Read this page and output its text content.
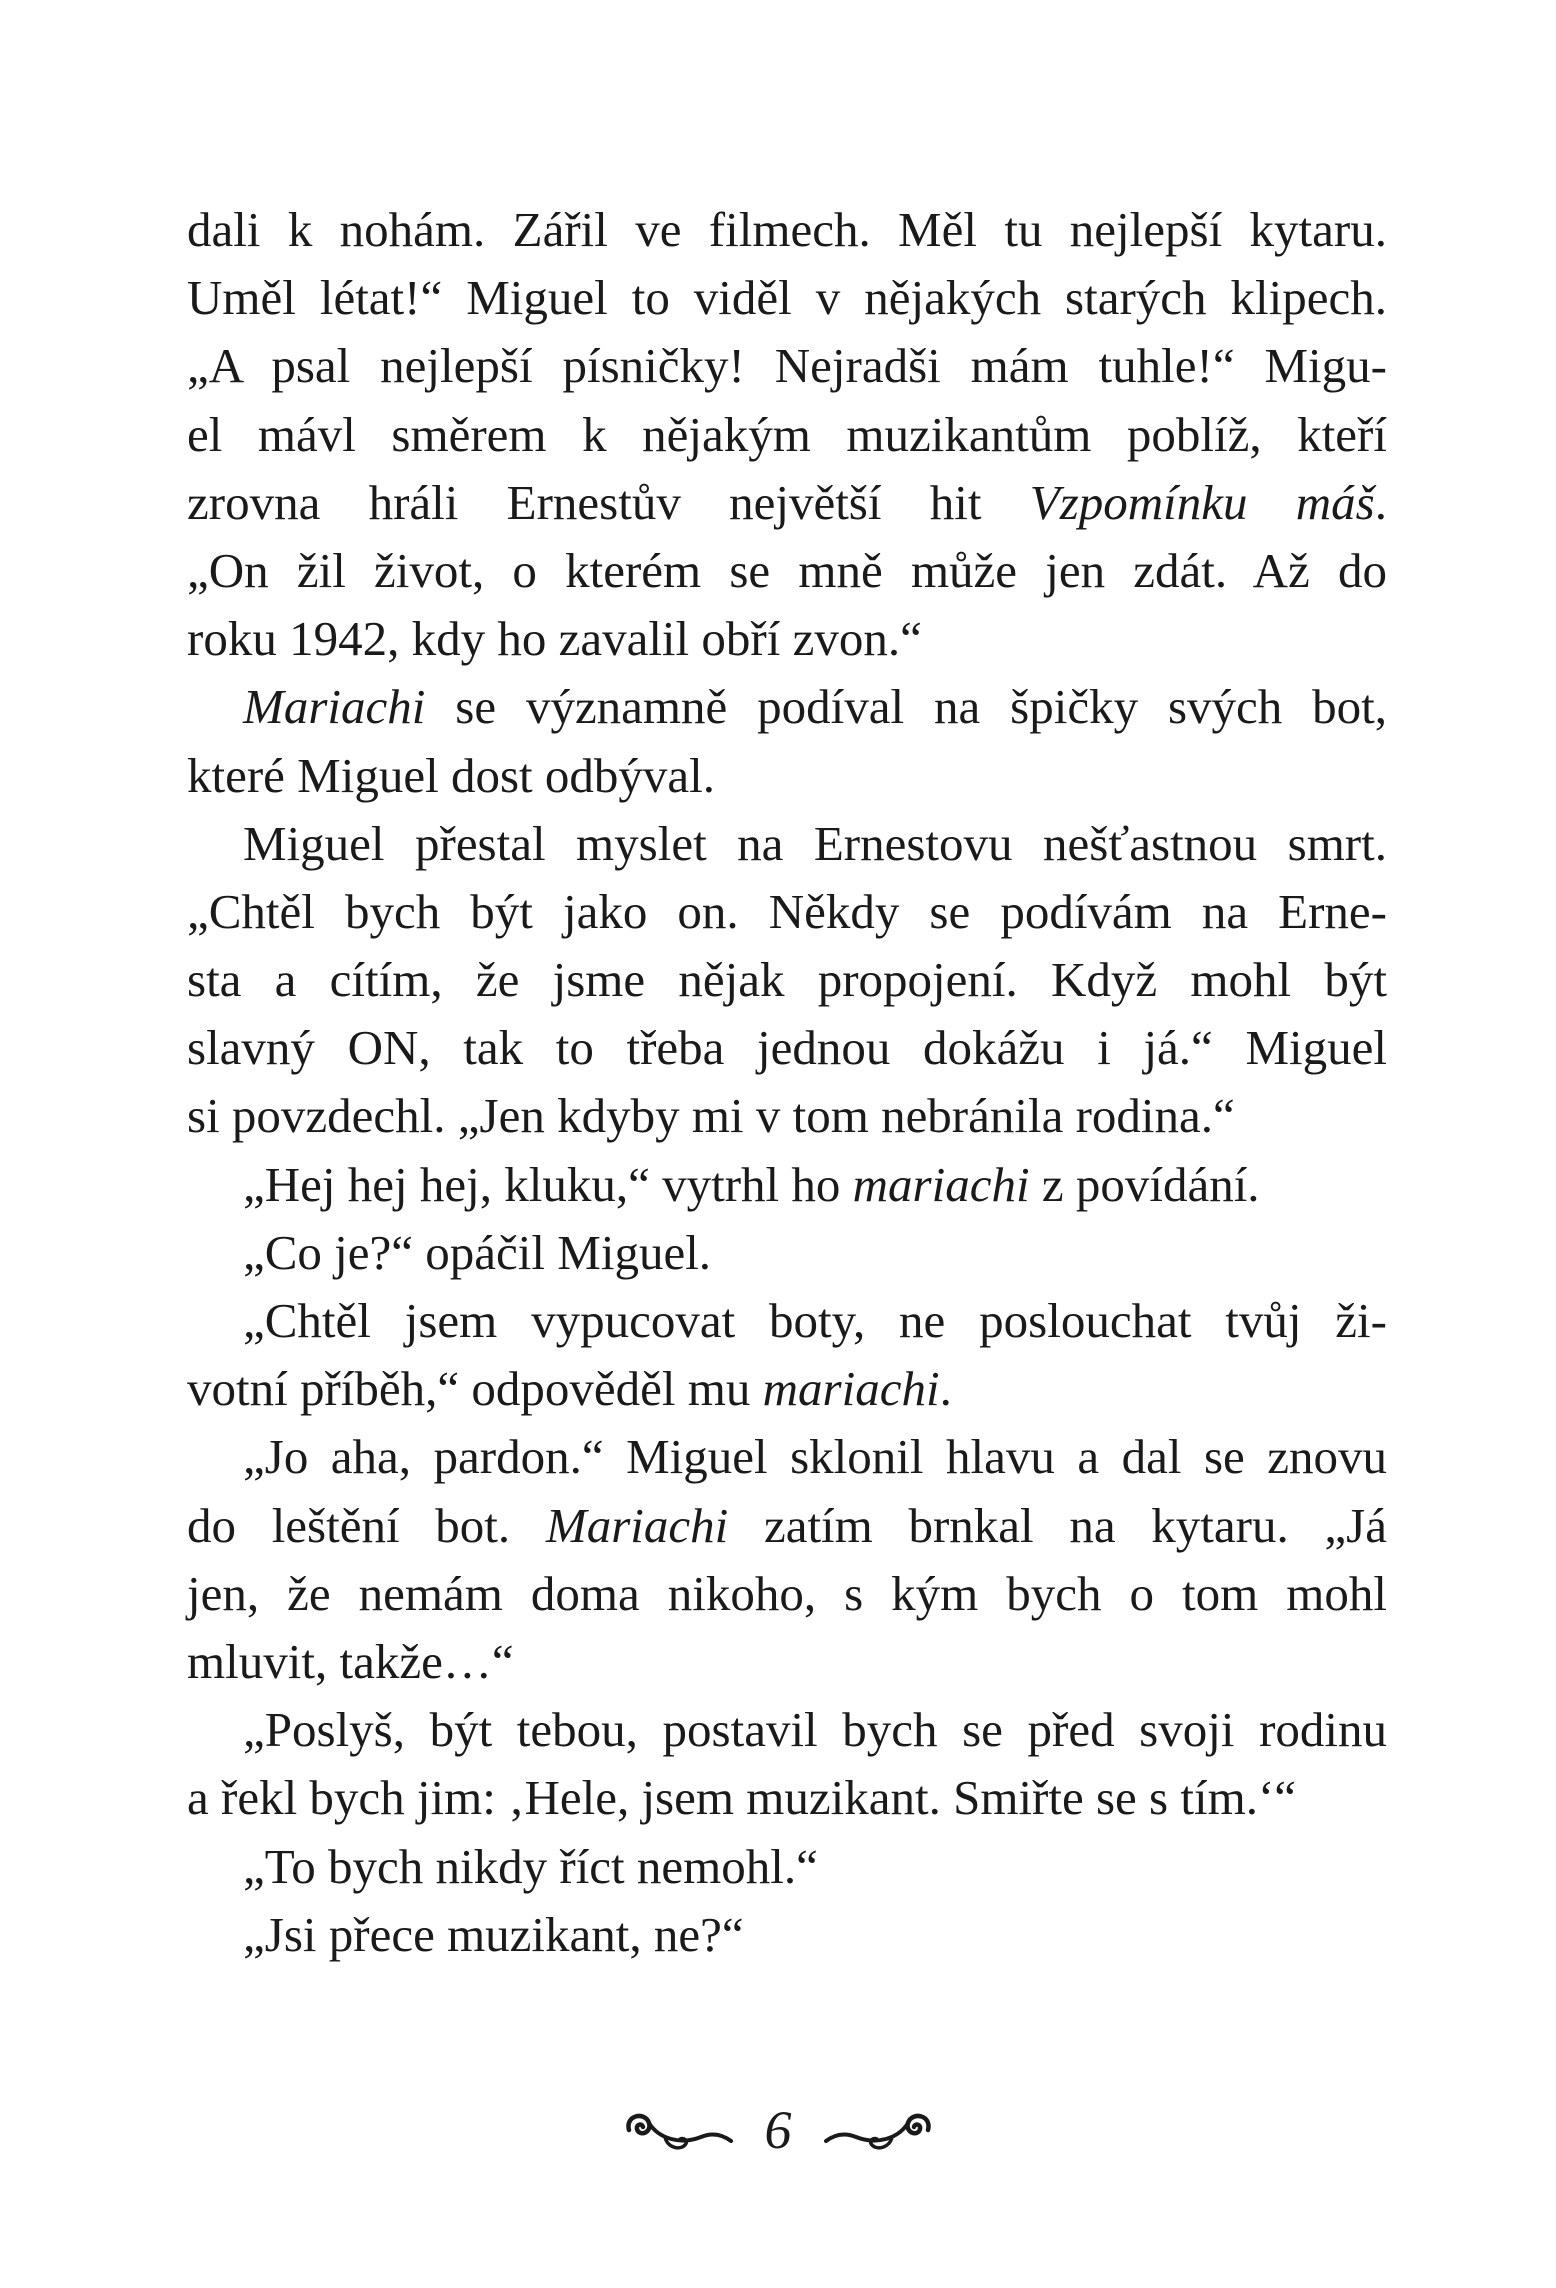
dali k nohám. Zářil ve filmech. Měl tu nejlepší kytaru.
Uměl létat!“ Miguel to viděl v nějakých starých klipech.
„A psal nejlepší písničky! Nejradši mám tuhle!“ Migu-
el mávl směrem k nějakým muzikantům poblíž, kteří
zrovna hráli Ernestův největší hit Vzpomínku máš.
„On žil život, o kterém se mně může jen zdát. Až do
roku 1942, kdy ho zavalil obří zvon.“
Mariachi se významně podíval na špičky svých bot,
které Miguel dost odbýval.
Miguel přestal myslet na Ernestovu nešťastnou smrt.
„Chtěl bych být jako on. Někdy se podívám na Erne-
sta a cítím, že jsme nějak propojení. Když mohl být
slavný ON, tak to třeba jednou dokážu i já.“ Miguel
si povzdechl. „Jen kdyby mi v tom nebránila rodina.“
„Hej hej hej, kluku,“ vytrhl ho mariachi z povídání.
„Co je?“ opáčil Miguel.
„Chtěl jsem vypucovat boty, ne poslouchat tvůj ži-
votní příběh,“ odpověděl mu mariachi.
„Jo aha, pardon.“ Miguel sklonil hlavu a dal se znovu
do leštění bot. Mariachi zatím brnkal na kytaru. „Já
jen, že nemám doma nikoho, s kým bych o tom mohl
mluvit, takže…“
„Poslyš, být tebou, postavil bych se před svoji rodinu
a řekl bych jim: ‚Hele, jsem muzikant. Smiřte se s tím.‘“
„To bych nikdy říct nemohl.“
„Jsi přece muzikant, ne?“
6
